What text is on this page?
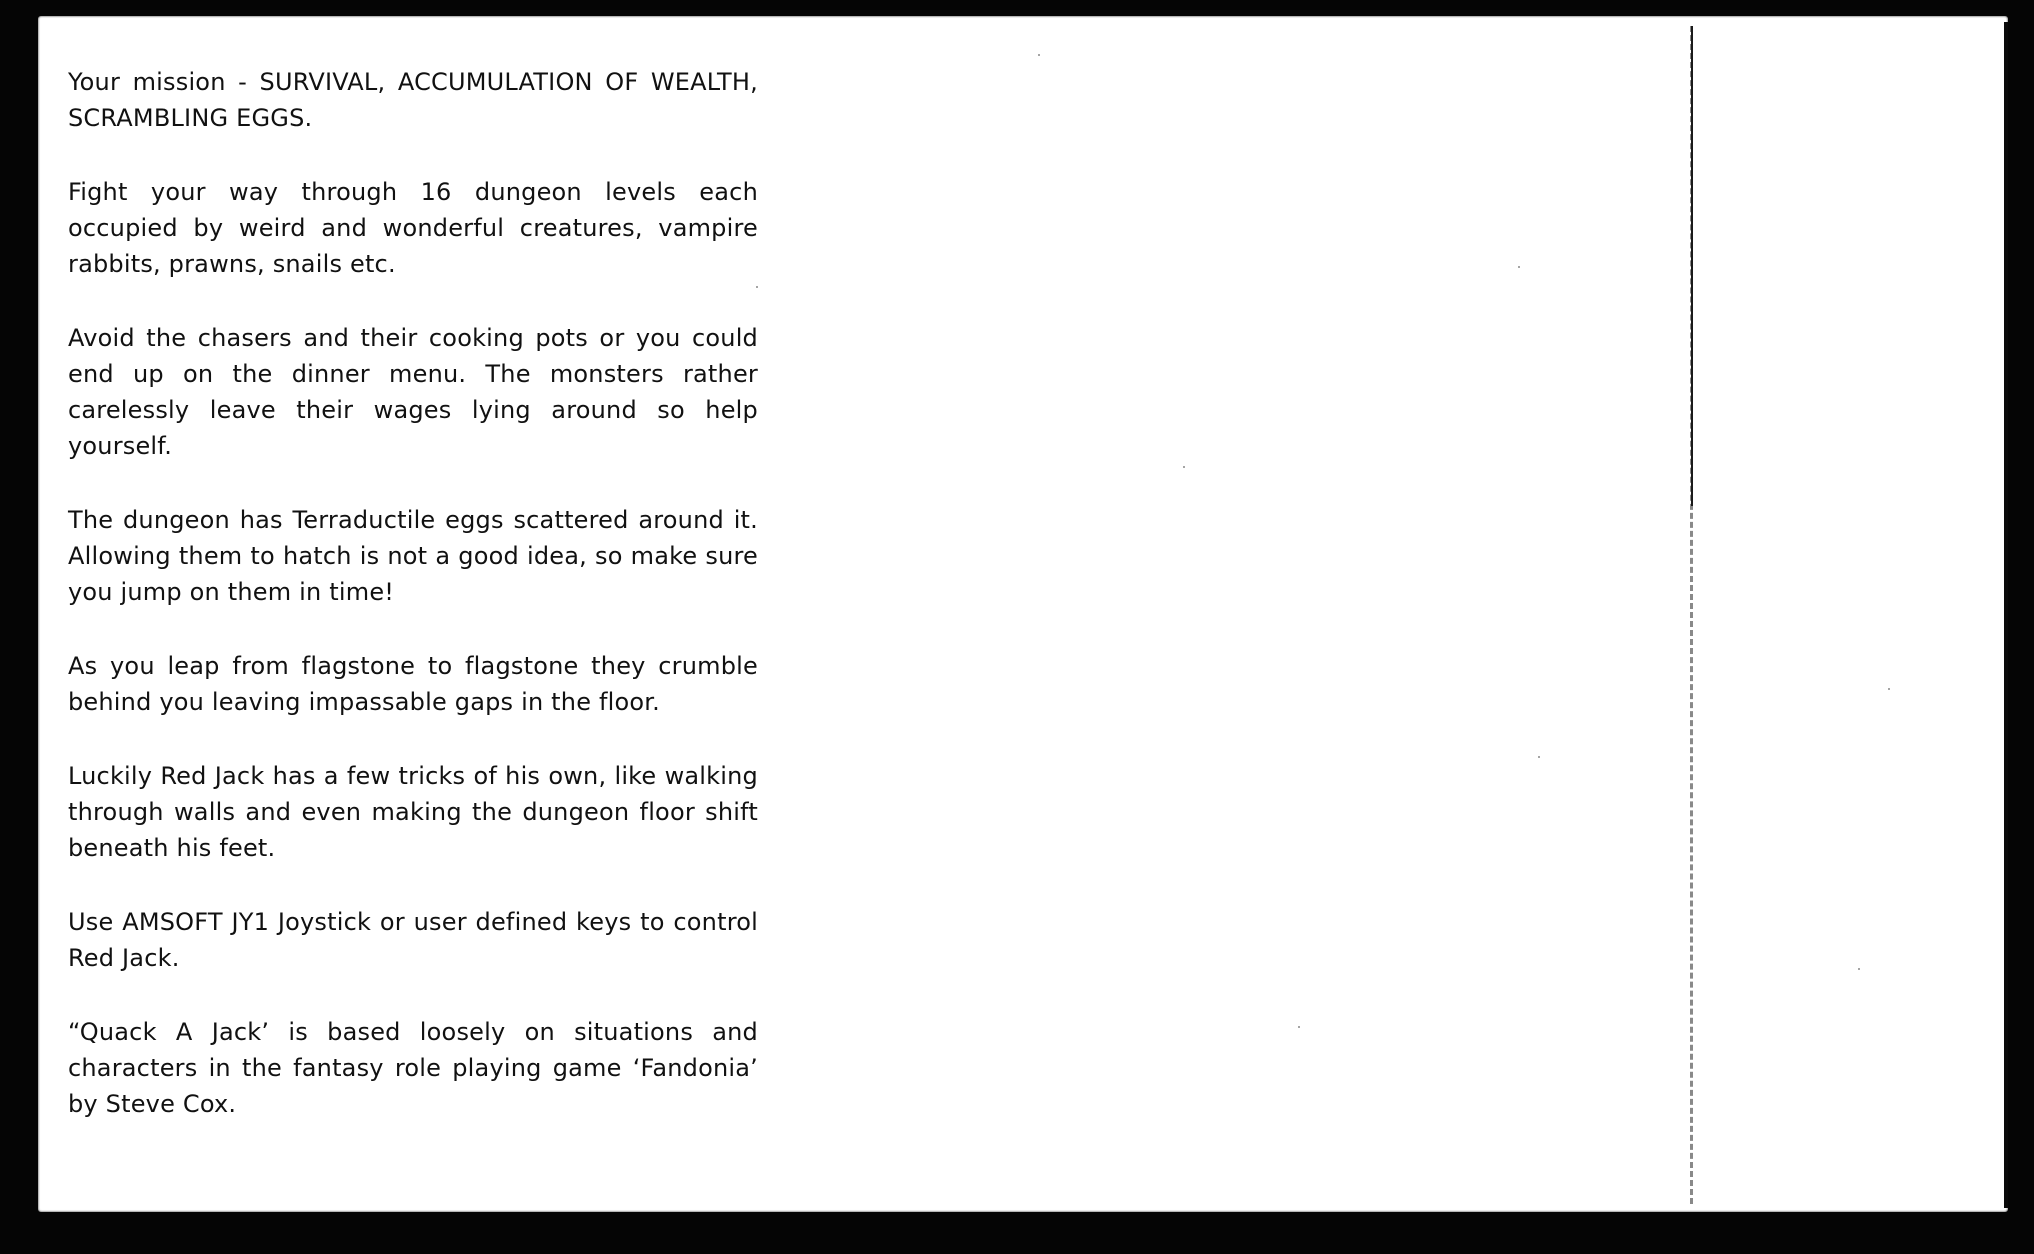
Your mission - SURVIVAL, ACCUMULATION OF WEALTH, SCRAMBLING EGGS.

Fight your way through 16 dungeon levels each occupied by weird and wonderful creatures, vampire rabbits, prawns, snails etc.

Avoid the chasers and their cooking pots or you could end up on the dinner menu. The monsters rather carelessly leave their wages lying around so help yourself.

The dungeon has Terraductile eggs scattered around it. Allowing them to hatch is not a good idea, so make sure you jump on them in time!

As you leap from flagstone to flagstone they crumble behind you leaving impassable gaps in the floor.

Luckily Red Jack has a few tricks of his own, like walking through walls and even making the dungeon floor shift beneath his feet.

Use AMSOFT JY1 Joystick or user defined keys to control Red Jack.

“Quack A Jack’ is based loosely on situations and characters in the fantasy role playing game ‘Fandonia’ by Steve Cox.
